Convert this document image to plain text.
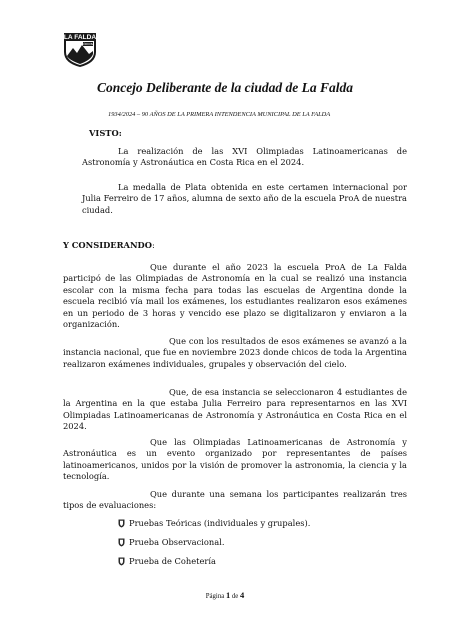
LA FALDA
CÓRDOBA
Concejo Deliberante de la ciudad de La Falda
1934/2024 – 90 AÑOS DE LA PRIMERA INTENDENCIA MUNICIPAL DE LA FALDA
VISTO:

La realización de las XVI Olimpiadas Latinoamericanas de Astronomía y Astronáutica en Costa Rica en el 2024.

La medalla de Plata obtenida en este certamen internacional por Julia Ferreiro de 17 años, alumna de sexto año de la escuela ProA de nuestra ciudad.

Y CONSIDERANDO:

Que durante el año 2023 la escuela ProA de La Falda participó de las Olimpiadas de Astronomía en la cual se realizó una instancia escolar con la misma fecha para todas las escuelas de Argentina donde la escuela recibió vía mail los exámenes, los estudiantes realizaron esos exámenes en un periodo de 3 horas y vencido ese plazo se digitalizaron y enviaron a la organización.

Que con los resultados de esos exámenes se avanzó a la instancia nacional, que fue en noviembre 2023 donde chicos de toda la Argentina realizaron exámenes individuales, grupales y observación del cielo.

Que, de esa instancia se seleccionaron 4 estudiantes de la Argentina en la que estaba Julia Ferreiro para representarnos en las XVI Olimpiadas Latinoamericanas de Astronomía y Astronáutica en Costa Rica en el 2024.

Que las Olimpiadas Latinoamericanas de Astronomía y Astronáutica es un evento organizado por representantes de países latinoamericanos, unidos por la visión de promover la astronomia, la ciencia y la tecnología.

Que durante una semana los participantes realizarán tres tipos de evaluaciones:

Pruebas Teóricas (individuales y grupales).
Prueba Observacional.
Prueba de Cohetería
Página 1 de 4
